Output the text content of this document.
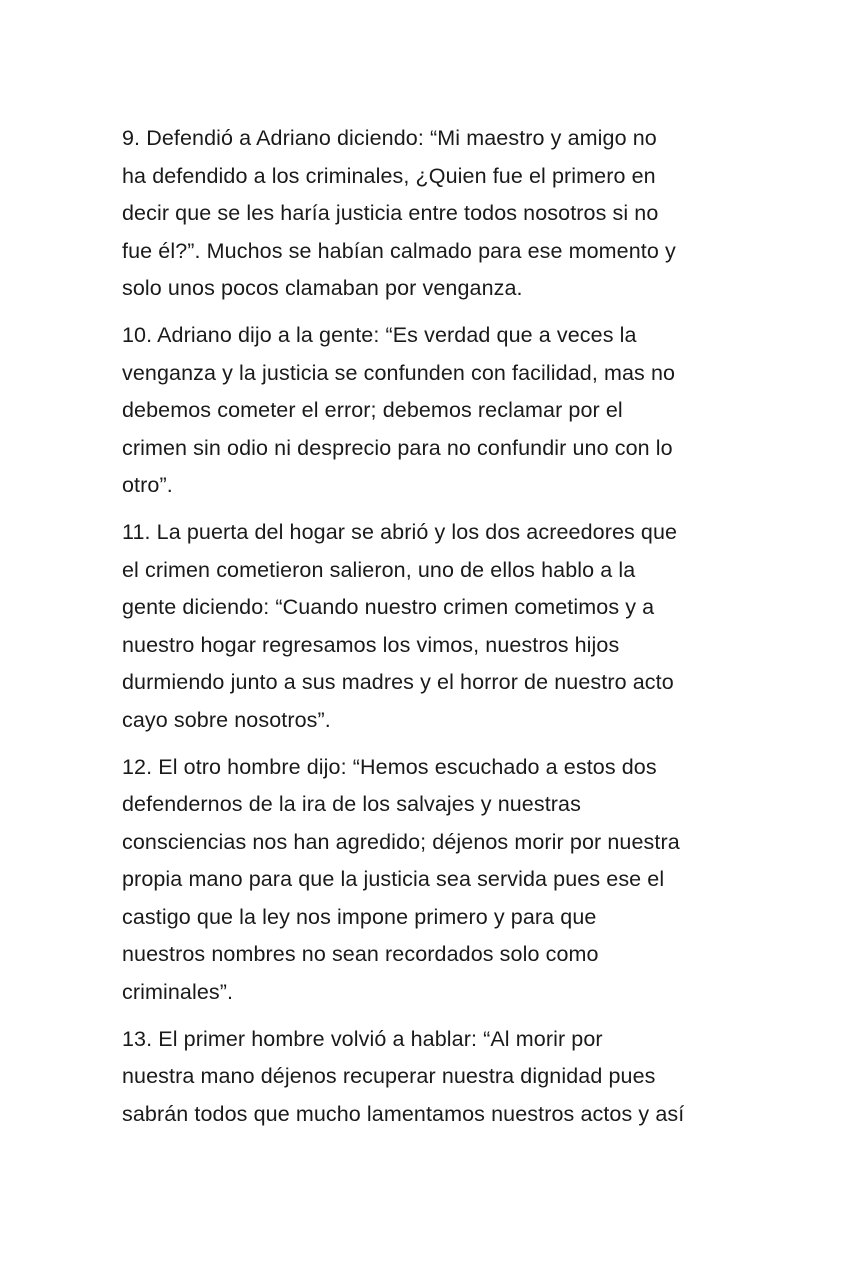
9. Defendió a Adriano diciendo: “Mi maestro y amigo no
ha defendido a los criminales, ¿Quien fue el primero en
decir que se les haría justicia entre todos nosotros si no
fue él?”. Muchos se habían calmado para ese momento y
solo unos pocos clamaban por venganza.
10. Adriano dijo a la gente: “Es verdad que a veces la
venganza y la justicia se confunden con facilidad, mas no
debemos cometer el error; debemos reclamar por el
crimen sin odio ni desprecio para no confundir uno con lo
otro”.
11. La puerta del hogar se abrió y los dos acreedores que
el crimen cometieron salieron, uno de ellos hablo a la
gente diciendo: “Cuando nuestro crimen cometimos y a
nuestro hogar regresamos los vimos, nuestros hijos
durmiendo junto a sus madres y el horror de nuestro acto
cayo sobre nosotros”.
12. El otro hombre dijo: “Hemos escuchado a estos dos
defendernos de la ira de los salvajes y nuestras
consciencias nos han agredido; déjenos morir por nuestra
propia mano para que la justicia sea servida pues ese el
castigo que la ley nos impone primero y para que
nuestros nombres no sean recordados solo como
criminales”.
13. El primer hombre volvió a hablar: “Al morir por
nuestra mano déjenos recuperar nuestra dignidad pues
sabrán todos que mucho lamentamos nuestros actos y así
